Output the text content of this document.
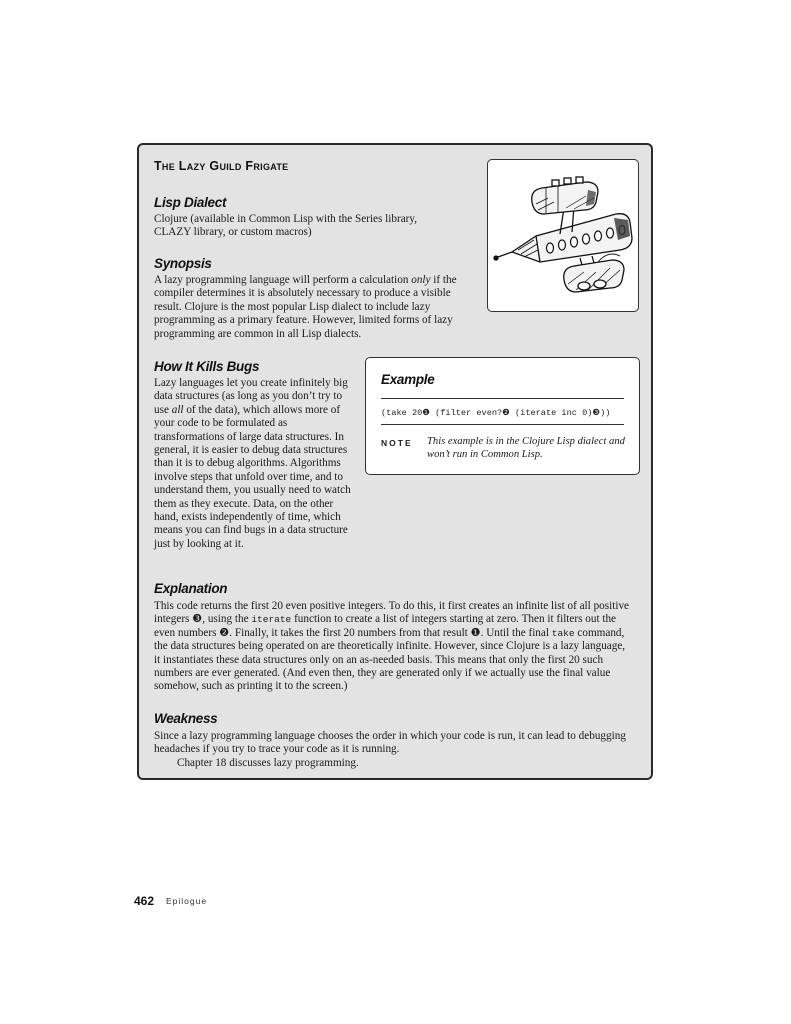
The Lazy Guild Frigate
Lisp Dialect

Clojure (available in Common Lisp with the Series library, CLAZY library, or custom macros)

Synopsis

A lazy programming language will perform a calculation only if the compiler determines it is absolutely necessary to produce a visible result. Clojure is the most popular Lisp dialect to include lazy programming as a primary feature. However, limited forms of lazy programming are common in all Lisp dialects.

How It Kills Bugs

Lazy languages let you create infinitely big data structures (as long as you don’t try to use all of the data), which allows more of your code to be formulated as transformations of large data structures. In general, it is easier to debug data structures than it is to debug algorithms. Algorithms involve steps that unfold over time, and to understand them, you usually need to watch them as they execute. Data, on the other hand, exists independently of time, which means you can find bugs in a data structure just by looking at it.

Example
(take 20❶ (filter even?❷ (iterate inc 0)❸))
NOTE This example is in the Clojure Lisp dialect and won’t run in Common Lisp.

Explanation

This code returns the first 20 even positive integers. To do this, it first creates an infinite list of all positive integers ❸, using the iterate function to create a list of integers starting at zero. Then it filters out the even numbers ❷. Finally, it takes the first 20 numbers from that result ❶. Until the final take command, the data structures being operated on are theoretically infinite. However, since Clojure is a lazy language, it instantiates these data structures only on an as-needed basis. This means that only the first 20 such numbers are ever generated. (And even then, they are generated only if we actually use the final value somehow, such as printing it to the screen.)

Weakness

Since a lazy programming language chooses the order in which your code is run, it can lead to debugging headaches if you try to trace your code as it is running.

Chapter 18 discusses lazy programming.

462 Epilogue
